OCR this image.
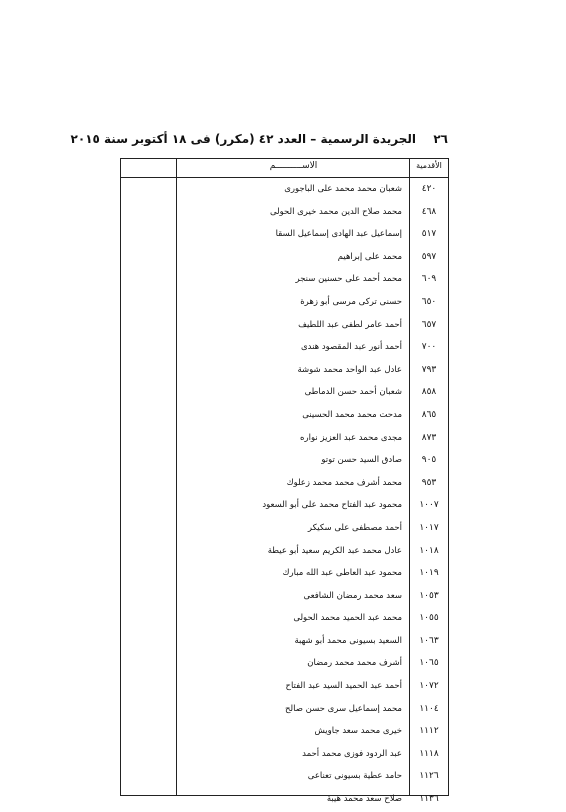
٢٦
الجريدة الرسمية – العدد ٤٢ (مكرر) فى ١٨ أكتوبر سنة ٢٠١٥
الأقدمية
الاســــــــــم
٤٢٠
شعبان محمد محمد على الباجورى
٤٦٨
محمد صلاح الدين محمد خيرى الحولى
٥١٧
إسماعيل عبد الهادى إسماعيل السقا
٥٩٧
محمد على إبراهيم
٦٠٩
محمد أحمد على حسنين سنجر
٦٥٠
حسنى تركى مرسى أبو زهرة
٦٥٧
أحمد عامر لطفى عبد اللطيف
٧٠٠
أحمد أنور عبد المقصود هندى
٧٩٣
عادل عبد الواحد محمد شوشة
٨٥٨
شعبان أحمد حسن الدماطى
٨٦٥
مدحت محمد محمد الحسينى
٨٧٣
مجدى محمد عبد العزيز نواره
٩٠٥
صادق السيد حسن توتو
٩٥٣
محمد أشرف محمد محمد زعلوك
١٠٠٧
محمود عبد الفتاح محمد على أبو السعود
١٠١٧
أحمد مصطفى على سكيكر
١٠١٨
عادل محمد عبد الكريم سعيد أبو عيطة
١٠١٩
محمود عبد العاطى عبد الله مبارك
١٠٥٣
سعد محمد رمضان الشافعى
١٠٥٥
محمد عبد الحميد محمد الحولى
١٠٦٣
السعيد بسيونى محمد أبو شهبة
١٠٦٥
أشرف محمد محمد رمضان
١٠٧٢
أحمد عبد الحميد السيد عبد الفتاح
١١٠٤
محمد إسماعيل سرى حسن صالح
١١١٢
خيرى محمد سعد جاويش
١١١٨
عبد الردود فوزى محمد أحمد
١١٢٦
حامد عطية بسيونى تعناعى
١١٣٦
صلاح سعد محمد هيبة
